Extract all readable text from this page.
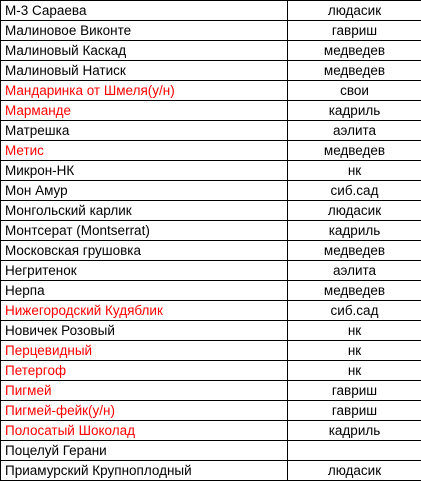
М-3 Сараева	людасик
Малиновое Виконте	гавриш
Малиновый Каскад	медведев
Малиновый Натиск	медведев
Мандаринка от Шмеля(у/н)	свои
Марманде	кадриль
Матрешка	аэлита
Метис	медведев
Микрон-НК	нк
Мон Амур	сиб.сад
Монгольский карлик	людасик
Монтсерат (Montserrat)	кадриль
Московская грушовка	медведев
Негритенок	аэлита
Нерпа	медведев
Нижегородский Кудяблик	сиб.сад
Новичек Розовый	нк
Перцевидный	нк
Петергоф	нк
Пигмей	гавриш
Пигмей-фейк(у/н)	гавриш
Полосатый Шоколад	кадриль
Поцелуй Герани	
Приамурский Крупноплодный	людасик
